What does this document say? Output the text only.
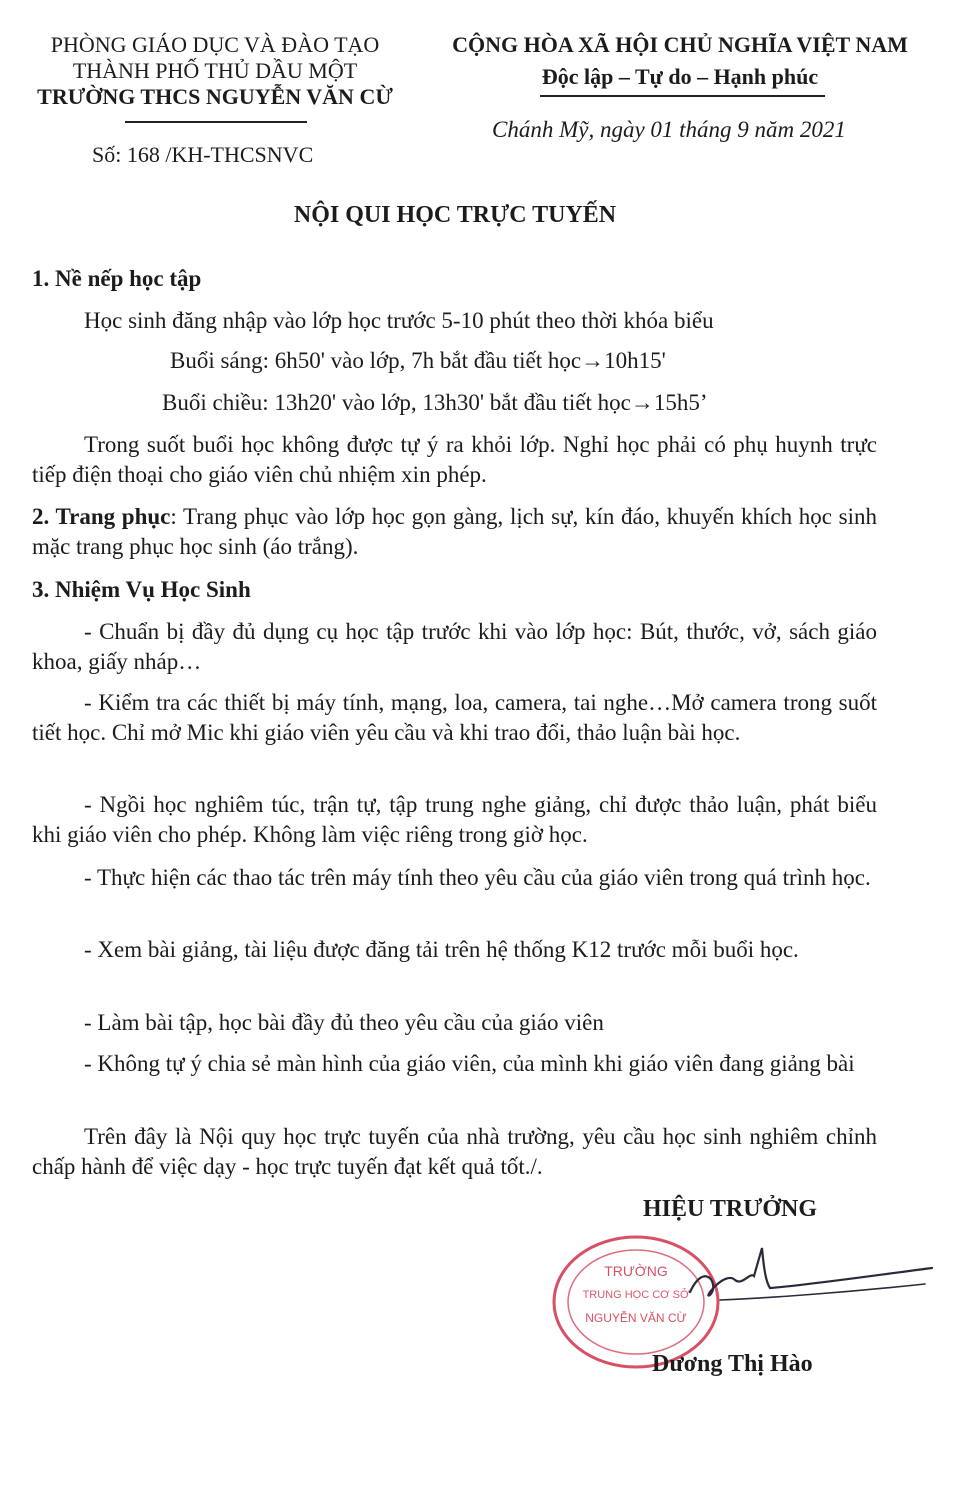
PHÒNG GIÁO DỤC VÀ ĐÀO TẠO
THÀNH PHỐ THỦ DẦU MỘT
TRƯỜNG THCS NGUYỄN VĂN CỪ
Số: 168 /KH-THCSNVC
CỘNG HÒA XÃ HỘI CHỦ NGHĨA VIỆT NAM
Độc lập – Tự do – Hạnh phúc
Chánh Mỹ, ngày 01 tháng 9 năm 2021
NỘI QUI HỌC TRỰC TUYẾN
1. Nề nếp học tập
Học sinh đăng nhập vào lớp học trước 5-10 phút theo thời khóa biểu
Buổi sáng: 6h50' vào lớp, 7h bắt đầu tiết học→10h15'
Buổi chiều: 13h20' vào lớp, 13h30' bắt đầu tiết học→15h5’
Trong suốt buổi học không được tự ý ra khỏi lớp. Nghỉ học phải có phụ huynh trực tiếp điện thoại cho giáo viên chủ nhiệm xin phép.
2. Trang phục: Trang phục vào lớp học gọn gàng, lịch sự, kín đáo, khuyến khích học sinh mặc trang phục học sinh (áo trắng).
3. Nhiệm Vụ Học Sinh
- Chuẩn bị đầy đủ dụng cụ học tập trước khi vào lớp học: Bút, thước, vở, sách giáo khoa, giấy nháp…
- Kiểm tra các thiết bị máy tính, mạng, loa, camera, tai nghe…Mở camera trong suốt tiết học. Chỉ mở Mic khi giáo viên yêu cầu và khi trao đổi, thảo luận bài học.
- Ngồi học nghiêm túc, trận tự, tập trung nghe giảng, chỉ được thảo luận, phát biểu khi giáo viên cho phép. Không làm việc riêng trong giờ học.
- Thực hiện các thao tác trên máy tính theo yêu cầu của giáo viên trong quá trình học.
- Xem bài giảng, tài liệu được đăng tải trên hệ thống K12 trước mỗi buổi học.
- Làm bài tập, học bài đầy đủ theo yêu cầu của giáo viên
- Không tự ý chia sẻ màn hình của giáo viên, của mình khi giáo viên đang giảng bài
Trên đây là Nội quy học trực tuyến của nhà trường, yêu cầu học sinh nghiêm chỉnh chấp hành để việc dạy - học trực tuyến đạt kết quả tốt./.
HIỆU TRƯỞNG
TRƯỜNG
TRUNG HỌC CƠ SỞ
NGUYỄN VĂN CỪ
Dương Thị Hào
